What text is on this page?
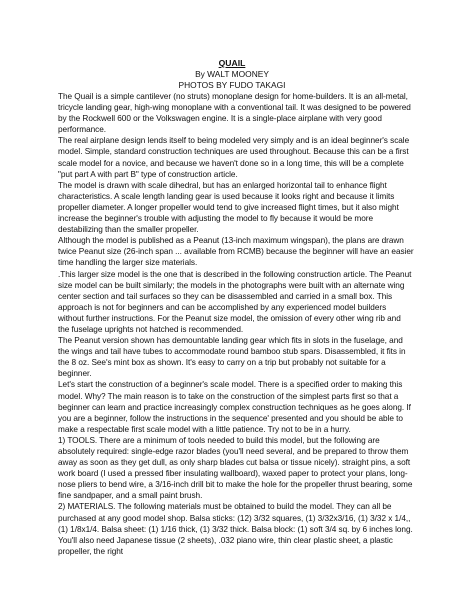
QUAIL

By WALT MOONEY

PHOTOS BY FUDO TAKAGI

The Quail is a simple cantilever (no struts) monoplane design for home-builders. It is an all-metal, tricycle landing gear, high-wing monoplane with a conventional tail. It was designed to be powered by the Rockwell 600 or the Volkswagen engine. It is a single-place airplane with very good performance.

The real airplane design lends itself to being modeled very simply and is an ideal beginner's scale model. Simple, standard construction techniques are used throughout. Because this can be a first scale model for a novice, and because we haven't done so in a long time, this will be a complete "put part A with part B" type of construction article.

The model is drawn with scale dihedral, but has an enlarged horizontal tail to enhance flight characteristics. A scale length landing gear is used because it looks right and because it limits propeller diameter. A longer propeller would tend to give increased flight times, but it also might increase the beginner's trouble with adjusting the model to fly because it would be more destabilizing than the smaller propeller.

Although the model is published as a Peanut (13-inch maximum wingspan), the plans are drawn twice Peanut size (26-inch span ... available from RCMB) because the beginner will have an easier time handling the larger size materials.

.This larger size model is the one that is described in the following construction article. The Peanut size model can be built similarly; the models in the photographs were built with an alternate wing center section and tail surfaces so they can be disassembled and carried in a small box. This approach is not for beginners and can be accomplished by any experienced model builders without further instructions. For the Peanut size model, the omission of every other wing rib and the fuselage uprights not hatched is recommended.

The Peanut version shown has demountable landing gear which fits in slots in the fuselage, and the wings and tail have tubes to accommodate round bamboo stub spars. Disassembled, it fits in the 8 oz. See's mint box as shown. It's easy to carry on a trip but probably not suitable for a beginner.

Let's start the construction of a beginner's scale model. There is a specified order to making this model. Why? The main reason is to take on the construction of the simplest parts first so that a beginner can learn and practice increasingly complex construction techniques as he goes along. If you are a beginner, follow the instructions in the sequence' presented and you should be able to make a respectable first scale model with a little patience. Try not to be in a hurry.

1) TOOLS. There are a minimum of tools needed to build this model, but the following are absolutely required: single-edge razor blades (you'll need several, and be prepared to throw them away as soon as they get dull, as only sharp blades cut balsa or tissue nicely). straight pins, a soft work board (I used a pressed fiber insulating wallboard), waxed paper to protect your plans, long-nose pliers to bend wire, a 3/16-inch drill bit to make the hole for the propeller thrust bearing, some fine sandpaper, and a small paint brush.

2) MATERIALS. The following materials must be obtained to build the model. They can all be purchased at any good model shop. Balsa sticks: (12) 3/32 squares, (1) 3/32x3/16, (1) 3/32 x 1/4,, (1) 1/8x1/4. Balsa sheet: (1) 1/16 thick, (1) 3/32 thick. Balsa block: (1) soft 3/4 sq. by 6 inches long. You'll also need Japanese tissue (2 sheets), .032 piano wire, thin clear plastic sheet, a plastic propeller, the right
